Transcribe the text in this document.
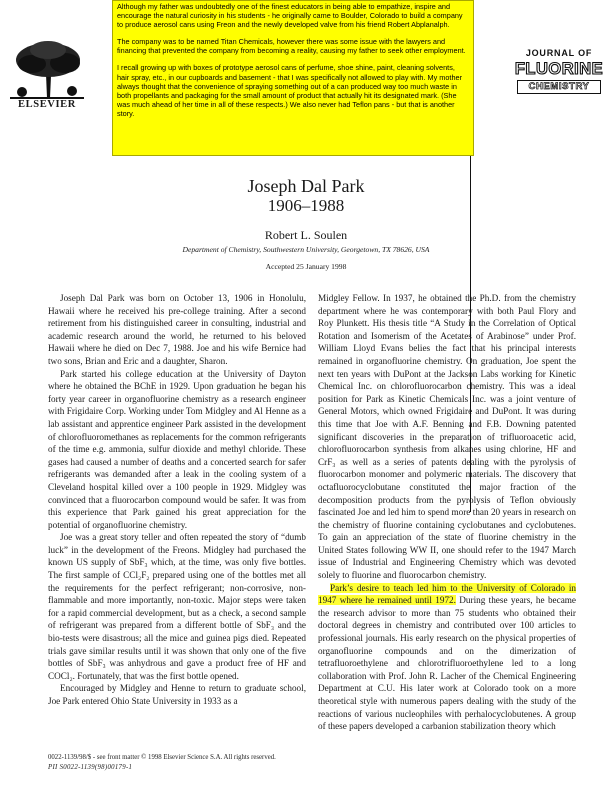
ELSEVIER
JOURNAL OF
FLUORINE
CHEMISTRY

Although my father was undoubtedly one of the finest educators in being able to empathize, inspire and encourage the natural curiosity in his students - he originally came to Boulder, Colorado to build a company to produce aerosol cans using Freon and the newly developed valve from his friend Robert Abplanalph.

The company was to be named Titan Chemicals, however there was some issue with the lawyers and financing that prevented the company from becoming a reality, causing my father to seek other employment.

I recall growing up with boxes of prototype aerosol cans of perfume, shoe shine, paint, cleaning solvents, hair spray, etc., in our cupboards and basement - that I was specifically not allowed to play with. My mother always thought that the convenience of spraying something out of a can produced way too much waste in both propellants and packaging for the small amount of product that actually hit its designated mark. (She was much ahead of her time in all of these respects.) We also never had Teflon pans - but that is another story.

Joseph Dal Park
1906–1988
Robert L. Soulen
Department of Chemistry, Southwestern University, Georgetown, TX 78626, USA
Accepted 25 January 1998

Joseph Dal Park was born on October 13, 1906 in Honolulu, Hawaii where he received his pre-college training. After a second retirement from his distinguished career in consulting, industrial and academic research around the world, he returned to his beloved Hawaii where he died on Dec 7, 1988. Joe and his wife Bernice had two sons, Brian and Eric and a daughter, Sharon.

Park started his college education at the University of Dayton where he obtained the BChE in 1929. Upon graduation he began his forty year career in organofluorine chemistry as a research engineer with Frigidaire Corp. Working under Tom Midgley and Al Henne as a lab assistant and apprentice engineer Park assisted in the development of chlorofluoromethanes as replacements for the common refrigerants of the time e.g. ammonia, sulfur dioxide and methyl chloride. These gases had caused a number of deaths and a concerted search for safer refrigerants was demanded after a leak in the cooling system of a Cleveland hospital killed over a 100 people in 1929. Midgley was convinced that a fluorocarbon compound would be safer. It was from this experience that Park gained his great appreciation for the potential of organofluorine chemistry.

Joe was a great story teller and often repeated the story of “dumb luck” in the development of the Freons. Midgley had purchased the known US supply of SbF₃ which, at the time, was only five bottles. The first sample of CCl₂F₂ prepared using one of the bottles met all the requirements for the perfect refrigerant; non-corrosive, non-flammable and more importantly, non-toxic. Major steps were taken for a rapid commercial development, but as a check, a second sample of refrigerant was prepared from a different bottle of SbF₃ and the bio-tests were disastrous; all the mice and guinea pigs died. Repeated trials gave similar results until it was shown that only one of the five bottles of SbF₃ was anhydrous and gave a product free of HF and COCl₂. Fortunately, that was the first bottle opened.

Encouraged by Midgley and Henne to return to graduate school, Joe Park entered Ohio State University in 1933 as a

Midgley Fellow. In 1937, he obtained the Ph.D. from the chemistry department where he was contemporary with both Paul Flory and Roy Plunkett. His thesis title “A Study in the Correlation of Optical Rotation and Isomerism of the Acetates of Arabinose” under Prof. William Lloyd Evans belies the fact that his principal interests remained in organofluorine chemistry. On graduation, Joe spent the next ten years with DuPont at the Jackson Labs working for Kinetic Chemical Inc. on chlorofluorocarbon chemistry. This was a ideal position for Park as Kinetic Chemicals Inc. was a joint venture of General Motors, which owned Frigidaire and DuPont. It was during this time that Joe with A.F. Benning and F.B. Downing patented significant discoveries in the preparation of trifluoroacetic acid, chlorofluorocarbon synthesis from alkanes using chlorine, HF and CrF₃ as well as a series of patents dealing with the pyrolysis of fluorocarbon monomer and polymeric materials. The discovery that octafluorocyclobutane constituted the major fraction of the decomposition products from the pyrolysis of Teflon obviously fascinated Joe and led him to spend more than 20 years in research on the chemistry of fluorine containing cyclobutanes and cyclobutenes. To gain an appreciation of the state of fluorine chemistry in the United States following WW II, one should refer to the 1947 March issue of Industrial and Engineering Chemistry which was devoted solely to fluorine and fluorocarbon chemistry.

Park’s desire to teach led him to the University of Colorado in 1947 where he remained until 1972. During these years, he became the research advisor to more than 75 students who obtained their doctoral degrees in chemistry and contributed over 100 articles to professional journals. His early research on the physical properties of organofluorine compounds and on the dimerization of tetrafluoroethylene and chlorotrifluoroethylene led to a long collaboration with Prof. John R. Lacher of the Chemical Engineering Department at C.U. His later work at Colorado took on a more theoretical style with numerous papers dealing with the study of the reactions of various nucleophiles with perhalocyclobutenes. A group of these papers developed a carbanion stabilization theory which

0022-1139/98/$ - see front matter © 1998 Elsevier Science S.A. All rights reserved.
PII S0022-1139(98)00179-1
